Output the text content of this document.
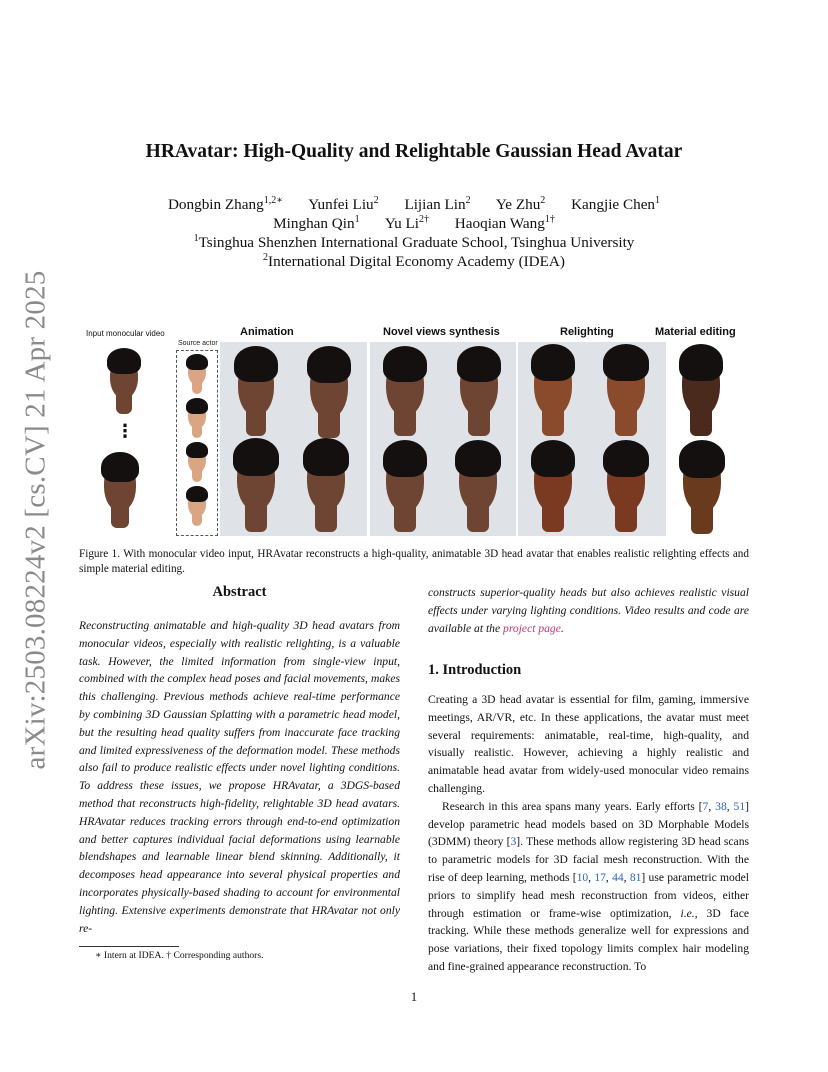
arXiv:2503.08224v2 [cs.CV] 21 Apr 2025
HRAvatar: High-Quality and Relightable Gaussian Head Avatar
Dongbin Zhang$^{1,2∗}$ Yunfei Liu$^2$ Lijian Lin$^2$ Ye Zhu$^2$ Kangjie Chen$^1$
Minghan Qin$^1$ Yu $Li^{2\dagger}$ Haoqian Wang$^{1\dagger}$
$^1$Tsinghua Shenzhen International Graduate School, Tsinghua University
$^2$International Digital Economy Academy (IDEA)
Input monocular video	Animation	Novel views synthesis	Relighting	Material editing
Source actor
⋮
Figure 1. With monocular video input, HRAvatar reconstructs a high-quality, animatable 3D head avatar that enables realistic relighting effects and simple material editing.
Abstract
Reconstructing animatable and high-quality 3D head avatars from monocular videos, especially with realistic relighting, is a valuable task. However, the limited information from single-view input, combined with the complex head poses and facial movements, makes this challenging. Previous methods achieve real-time performance by combining 3D Gaussian Splatting with a parametric head model, but the resulting head quality suffers from inaccurate face tracking and limited expressiveness of the deformation model. These methods also fail to produce realistic effects under novel lighting conditions. To address these issues, we propose HRAvatar, a 3DGS-based method that reconstructs high-fidelity, relightable 3D head avatars. HRAvatar reduces tracking errors through end-to-end optimization and better captures individual facial deformations using learnable blendshapes and learnable linear blend skinning. Additionally, it decomposes head appearance into several physical properties and incorporates physically-based shading to account for environmental lighting. Extensive experiments demonstrate that HRAvatar not only re-
∗ Intern at IDEA. † Corresponding authors.
constructs superior-quality heads but also achieves realistic visual effects under varying lighting conditions. Video results and code are available at the project page.
1. Introduction

Creating a 3D head avatar is essential for film, gaming, immersive meetings, AR/VR, etc. In these applications, the avatar must meet several requirements: animatable, real-time, high-quality, and visually realistic. However, achieving a highly realistic and animatable head avatar from widely-used monocular video remains challenging.

Research in this area spans many years. Early efforts [7, 38, 51] develop parametric head models based on 3D Morphable Models (3DMM) theory [3]. These methods allow registering 3D head scans to parametric models for 3D facial mesh reconstruction. With the rise of deep learning, methods [10, 17, 44, 81] use parametric model priors to simplify head mesh reconstruction from videos, either through estimation or frame-wise optimization, i.e., 3D face tracking. While these methods generalize well for expressions and pose variations, their fixed topology limits complex hair modeling and fine-grained appearance reconstruction. To

1
